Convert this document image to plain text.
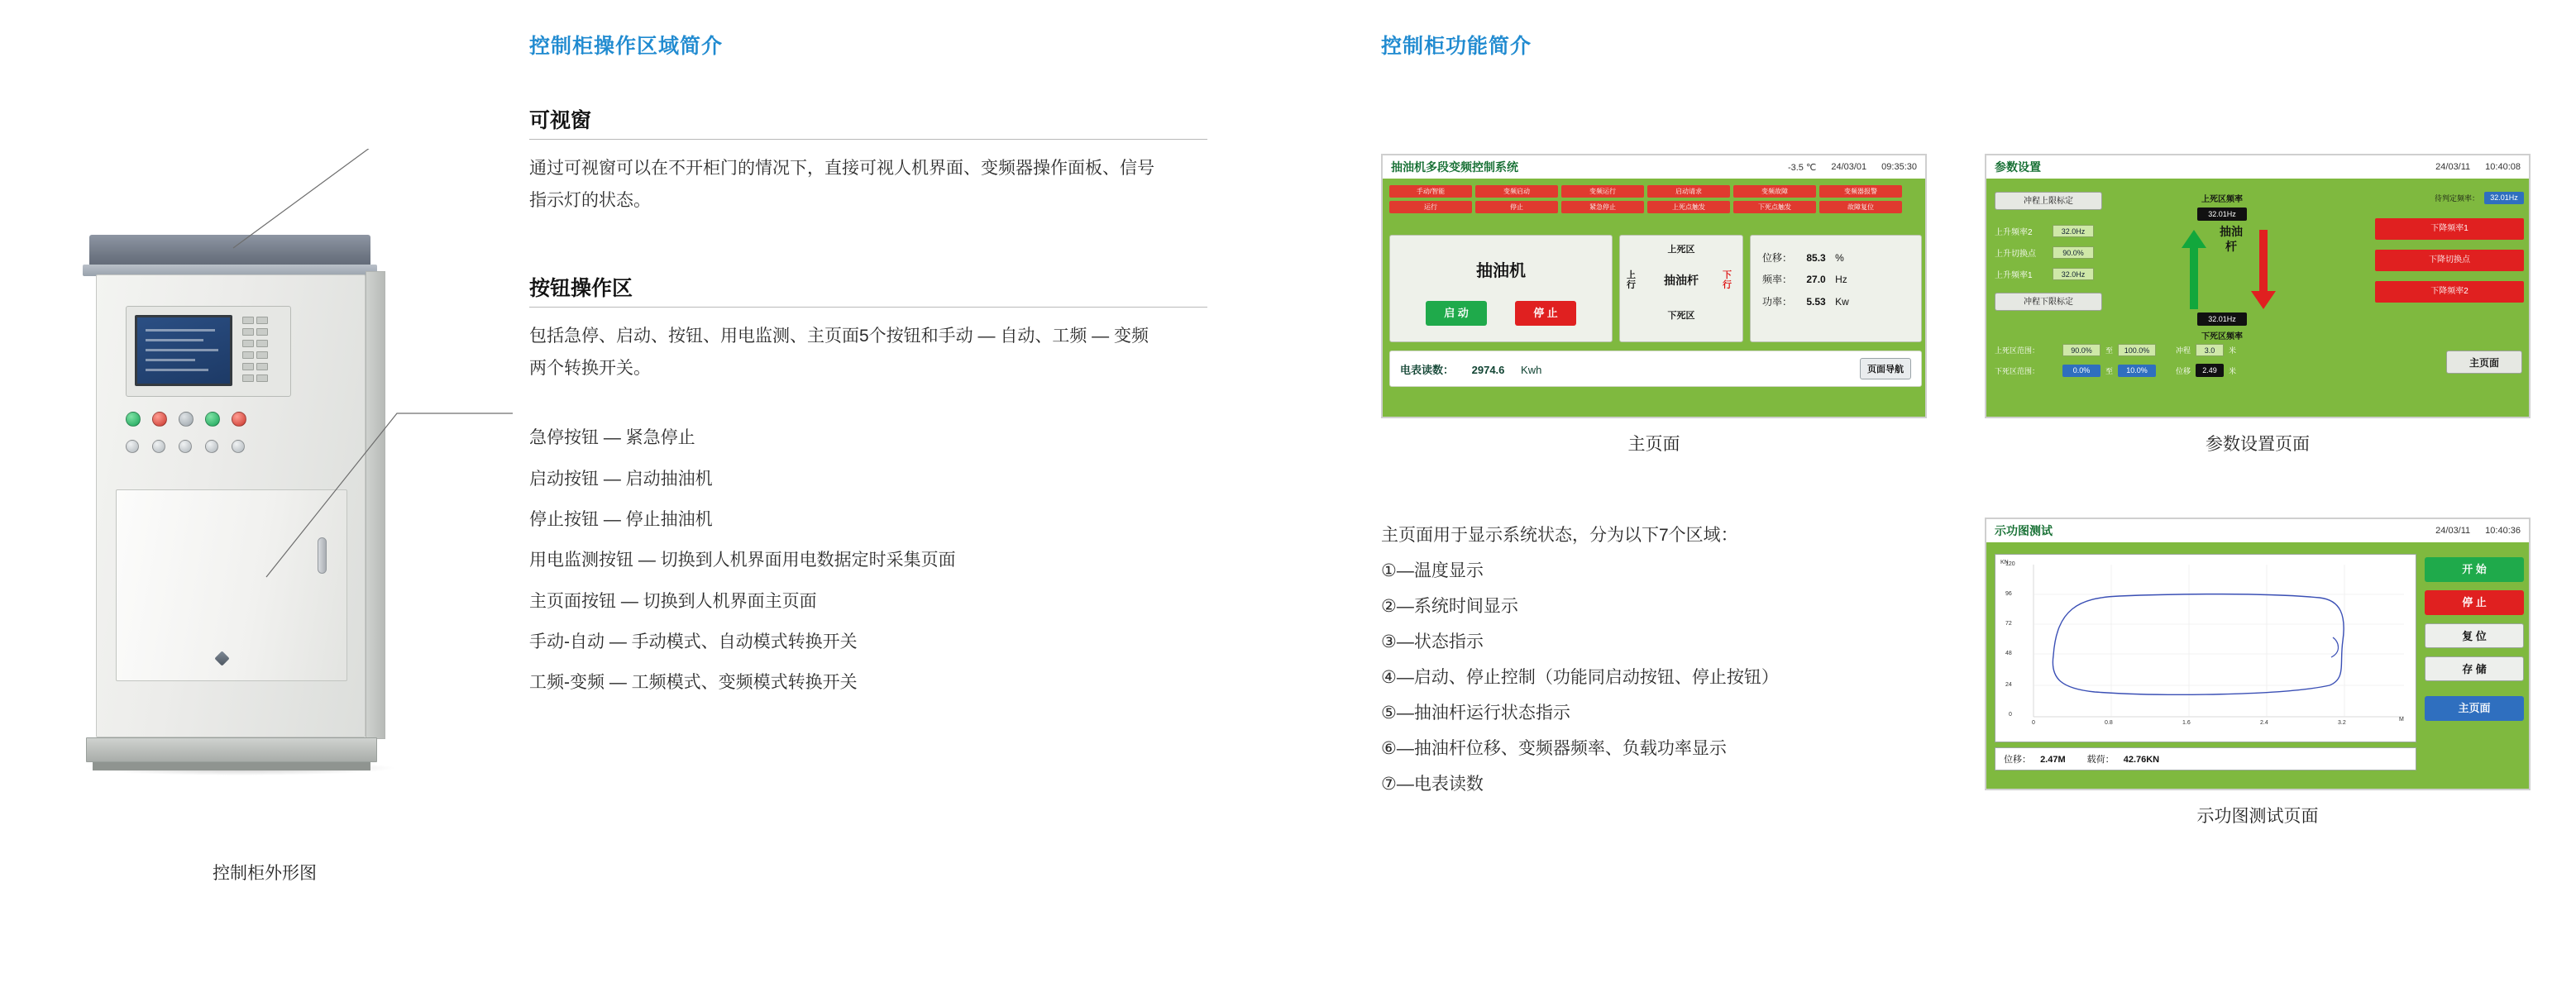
控制柜外形图
控制柜操作区域简介
可视窗
通过可视窗可以在不开柜门的情况下，直接可视人机界面、变频器操作面板、信号指示灯的状态。
按钮操作区
包括急停、启动、按钮、用电监测、主页面5个按钮和手动 — 自动、工频 — 变频两个转换开关。
急停按钮 — 紧急停止
启动按钮 — 启动抽油机
停止按钮 — 停止抽油机
用电监测按钮 — 切换到人机界面用电数据定时采集页面
主页面按钮 — 切换到人机界面主页面
手动-自动 — 手动模式、自动模式转换开关
工频-变频 — 工频模式、变频模式转换开关
控制柜功能简介
抽油机多段变频控制系统	-3.5 ℃ 24/03/01 09:35:30
手动/智能	变频启动	变频运行	启动请求	变频故障	变频器报警
运行	停止	紧急停止	上死点触发	下死点触发	故障复位
抽油机
启 动	停 止
上死区
上行	抽油杆	下行
下死区
位移： 85.3 %
频率： 27.0 Hz
功率： 5.53 Kw
电表读数： 2974.6 Kwh	页面导航
主页面
参数设置	24/03/11 10:40:08
冲程上限标定
上升频率2	32.0Hz
上升切换点	90.0%
上升频率1	32.0Hz
冲程下限标定
上死区频率
32.01Hz
抽油杆
32.01Hz
下死区频率
待判定频率：	32.01Hz
下降频率1
下降切换点
下降频率2
上死区范围：	90.0%	至	100.0%	冲程	3.0	米
下死区范围：	0.0%	至	10.0%	位移	2.49	米
主页面
参数设置页面
主页面用于显示系统状态，分为以下7个区域：
①—温度显示
②—系统时间显示
③—状态指示
④—启动、停止控制（功能同启动按钮、停止按钮）
⑤—抽油杆运行状态指示
⑥—抽油杆位移、变频器频率、负载功率显示
⑦—电表读数
示功图测试	24/03/11 10:40:36
KN
M
120
96
72
48
24
0
0	0.8	1.6	2.4	3.2
开 始
停 止
复 位
存 储
主页面
位移： 2.47M 载荷： 42.76KN
示功图测试页面
